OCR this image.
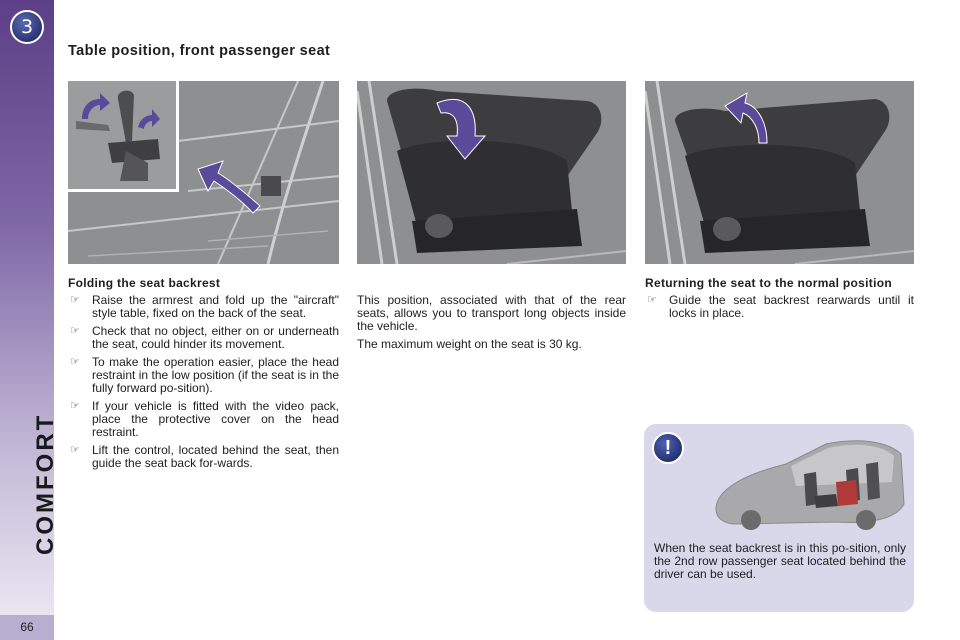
3
COMFORT
66
Table position, front passenger seat
Folding the seat backrest
☞ Raise the armrest and fold up the "aircraft" style table, fixed on the back of the seat.
☞ Check that no object, either on or underneath the seat, could hinder its movement.
☞ To make the operation easier, place the head restraint in the low position (if the seat is in the fully forward po-sition).
☞ If your vehicle is fitted with the video pack, place the protective cover on the head restraint.
☞ Lift the control, located behind the seat, then guide the seat back for-wards.

This position, associated with that of the rear seats, allows you to transport long objects inside the vehicle.

The maximum weight on the seat is 30 kg.

Returning the seat to the normal position
☞ Guide the seat backrest rearwards until it locks in place.
!
When the seat backrest is in this po-sition, only the 2nd row passenger seat located behind the driver can be used.
